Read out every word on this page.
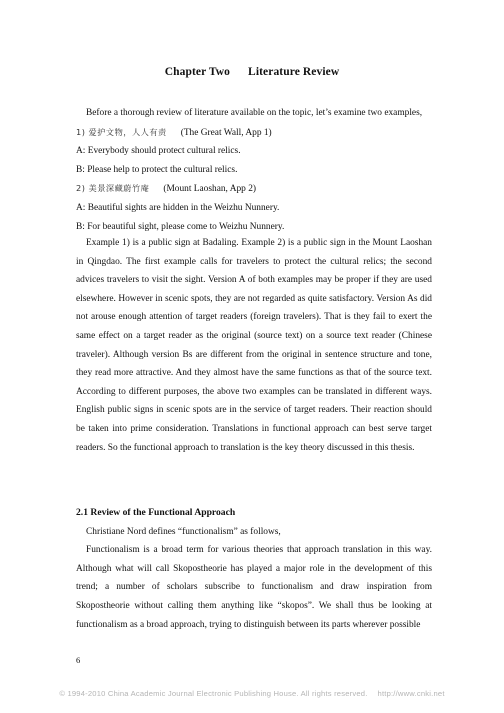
Chapter Two Literature Review

Before a thorough review of literature available on the topic, let’s examine two examples,

1) 爱护文物，人人有责 (The Great Wall, App 1)

A: Everybody should protect cultural relics.

B: Please help to protect the cultural relics.

2) 美景深藏蔚竹庵 (Mount Laoshan, App 2)

A: Beautiful sights are hidden in the Weizhu Nunnery.

B: For beautiful sight, please come to Weizhu Nunnery.

Example 1) is a public sign at Badaling. Example 2) is a public sign in the Mount Laoshan in Qingdao. The first example calls for travelers to protect the cultural relics; the second advices travelers to visit the sight. Version A of both examples may be proper if they are used elsewhere. However in scenic spots, they are not regarded as quite satisfactory. Version As did not arouse enough attention of target readers (foreign travelers). That is they fail to exert the same effect on a target reader as the original (source text) on a source text reader (Chinese traveler). Although version Bs are different from the original in sentence structure and tone, they read more attractive. And they almost have the same functions as that of the source text. According to different purposes, the above two examples can be translated in different ways. English public signs in scenic spots are in the service of target readers. Their reaction should be taken into prime consideration. Translations in functional approach can best serve target readers. So the functional approach to translation is the key theory discussed in this thesis.

2.1 Review of the Functional Approach

Christiane Nord defines “functionalism” as follows,

Functionalism is a broad term for various theories that approach translation in this way. Although what will call Skopostheorie has played a major role in the development of this trend; a number of scholars subscribe to functionalism and draw inspiration from Skopostheorie without calling them anything like “skopos”. We shall thus be looking at functionalism as a broad approach, trying to distinguish between its parts wherever possible

6
© 1994-2010 China Academic Journal Electronic Publishing House. All rights reserved. http://www.cnki.net
